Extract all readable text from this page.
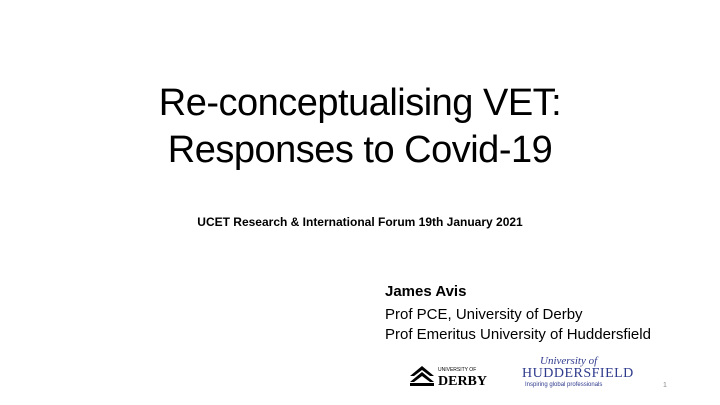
Re-conceptualising VET:
Responses to Covid-19
UCET Research & International Forum 19th January 2021
James Avis
Prof PCE, University of Derby
Prof Emeritus University of Huddersfield
UNIVERSITY OF
DERBY
University of
HUDDERSFIELD
Inspiring global professionals	1
